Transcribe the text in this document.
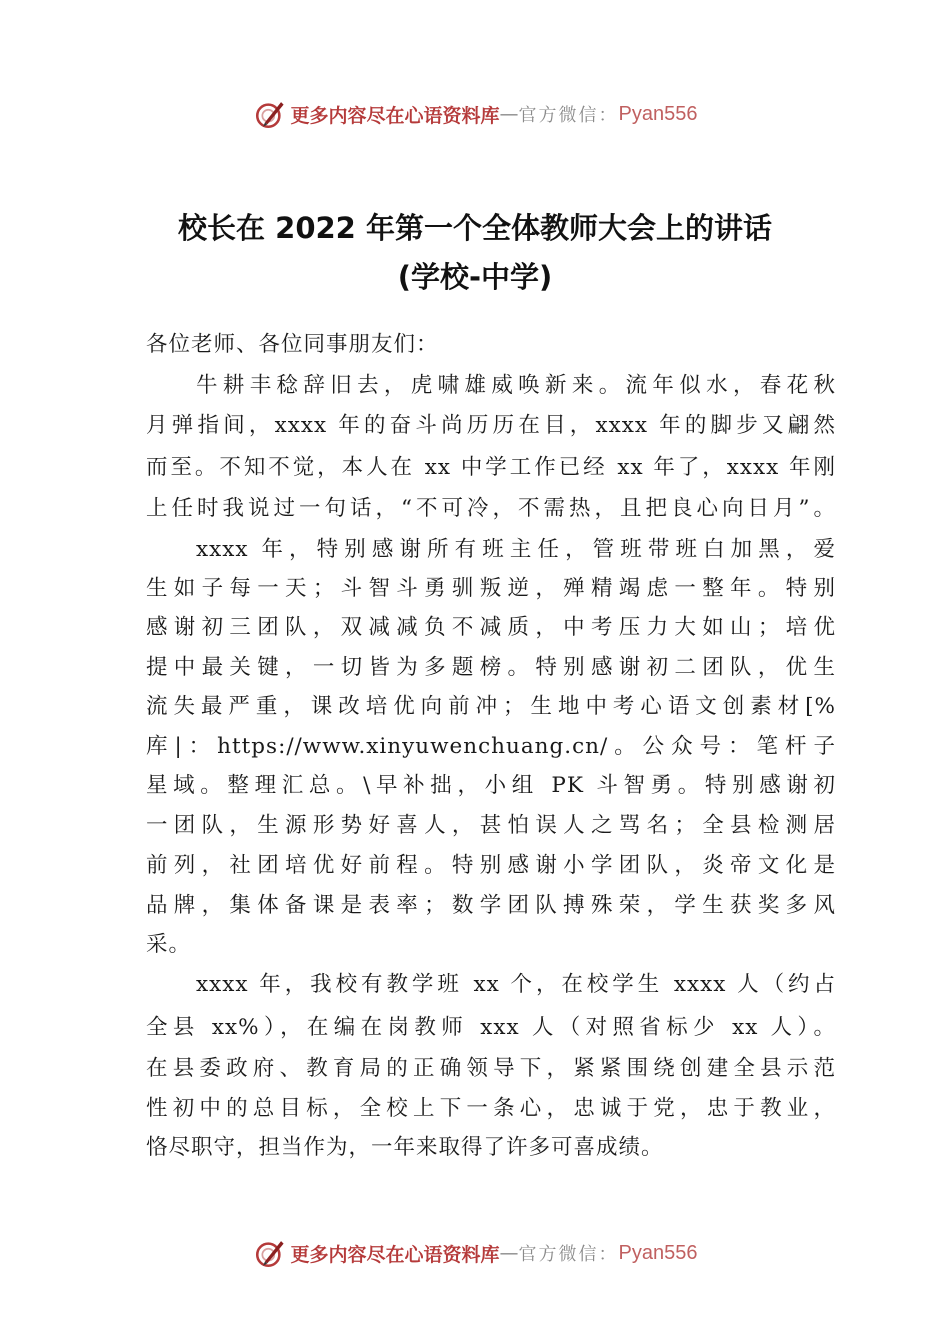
更多内容尽在心语资料库 — 官方微信： Pyan556
校长在 2022 年第一个全体教师大会上的讲话
(学校-中学)
各位老师、各位同事朋友们：
牛耕丰稔辞旧去，虎啸雄威唤新来。流年似水，春花秋
月弹指间，xxxx 年的奋斗尚历历在目，xxxx 年的脚步又翩然
而至。不知不觉，本人在 xx 中学工作已经 xx 年了，xxxx 年刚
上任时我说过一句话，“不可冷，不需热，且把良心向日月”。
xxxx 年，特别感谢所有班主任，管班带班白加黑，爱
生如子每一天；斗智斗勇驯叛逆，殚精竭虑一整年。特别
感谢初三团队，双减减负不减质，中考压力大如山；培优
提中最关键，一切皆为多题榜。特别感谢初二团队，优生
流失最严重，课改培优向前冲；生地中考心语文创素材[%
库|：https://www.xinyuwenchuang.cn/。公众号：笔杆子
星域。整理汇总。\早补拙，小组 PK 斗智勇。特别感谢初
一团队，生源形势好喜人，甚怕误人之骂名；全县检测居
前列，社团培优好前程。特别感谢小学团队，炎帝文化是
品牌，集体备课是表率；数学团队搏殊荣，学生获奖多风
采。
xxxx 年，我校有教学班 xx 个，在校学生 xxxx 人（约占
全县 xx%），在编在岗教师 xxx 人（对照省标少 xx 人）。
在县委政府、教育局的正确领导下，紧紧围绕创建全县示范
性初中的总目标，全校上下一条心，忠诚于党，忠于教业，
恪尽职守，担当作为，一年来取得了许多可喜成绩。
更多内容尽在心语资料库 — 官方微信： Pyan556
